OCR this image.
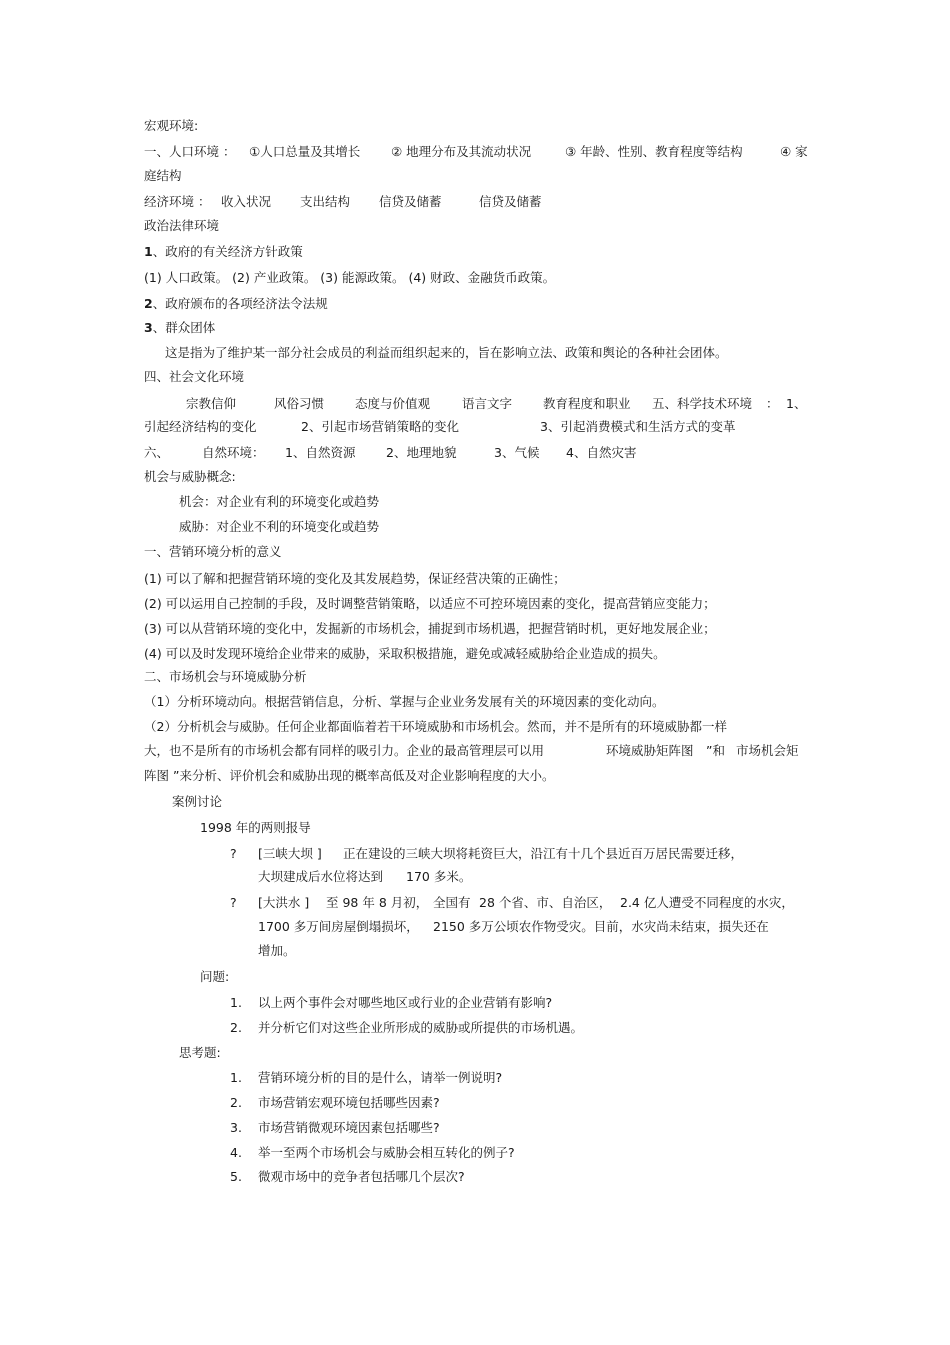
宏观环境:
一、人口环境 ： ①人口总量及其增长 ② 地理分布及其流动状况	③ 年龄、性别、教育程度等结构	④ 家
庭结构
经济环境 ： 收入状况 支出结构 信贷及储蓄	信贷及储蓄
政治法律环境
1、政府的有关经济方针政策
(1) 人口政策。 (2) 产业政策。 (3) 能源政策。 (4) 财政、金融货币政策。
2、政府颁布的各项经济法令法规
3、群众团体
这是指为了维护某一部分社会成员的利益而组织起来的，旨在影响立法、政策和舆论的各种社会团体。
四、社会文化环境
宗教信仰	风俗习惯 态度与价值观	语言文字 教育程度和职业 五、科学技术环境 ： 1、
引起经济结构的变化	2、引起市场营销策略的变化	3、引起消费模式和生活方式的变革
六、	自然环境： 1、自然资源 2、地理地貌	3、气候 4、自然灾害
机会与威胁概念:
机会：对企业有利的环境变化或趋势
威胁：对企业不利的环境变化或趋势
一、营销环境分析的意义
(1) 可以了解和把握营销环境的变化及其发展趋势，保证经营决策的正确性；
(2) 可以运用自己控制的手段，及时调整营销策略，以适应不可控环境因素的变化，提高营销应变能力；
(3) 可以从营销环境的变化中，发掘新的市场机会，捕捉到市场机遇，把握营销时机，更好地发展企业；
(4) 可以及时发现环境给企业带来的威胁，采取积极措施，避免或减轻威胁给企业造成的损失。
二、市场机会与环境威胁分析
（1）分析环境动向。根据营销信息，分析、掌握与企业业务发展有关的环境因素的变化动向。
（2）分析机会与威胁。任何企业都面临着若干环境威胁和市场机会。然而，并不是所有的环境威胁都一样
大，也不是所有的市场机会都有同样的吸引力。企业的最高管理层可以用	环境威胁矩阵图 ”和 市场机会矩
阵图 ”来分析、评价机会和威胁出现的概率高低及对企业影响程度的大小。
案例讨论
1998 年的两则报导
? [三峡大坝 ] 正在建设的三峡大坝将耗资巨大，沿江有十几个县近百万居民需要迁移，
大坝建成后水位将达到 170 多米。
? [大洪水 ] 至 98 年 8 月初， 全国有 28 个省、市、自治区， 2.4 亿人遭受不同程度的水灾，
1700 多万间房屋倒塌损坏， 2150 多万公顷农作物受灾。目前，水灾尚未结束，损失还在
增加。
问题:
1. 以上两个事件会对哪些地区或行业的企业营销有影响?
2. 并分析它们对这些企业所形成的威胁或所提供的市场机遇。
思考题:
1. 营销环境分析的目的是什么，请举一例说明?
2. 市场营销宏观环境包括哪些因素?
3. 市场营销微观环境因素包括哪些?
4. 举一至两个市场机会与威胁会相互转化的例子?
5. 微观市场中的竞争者包括哪几个层次?
